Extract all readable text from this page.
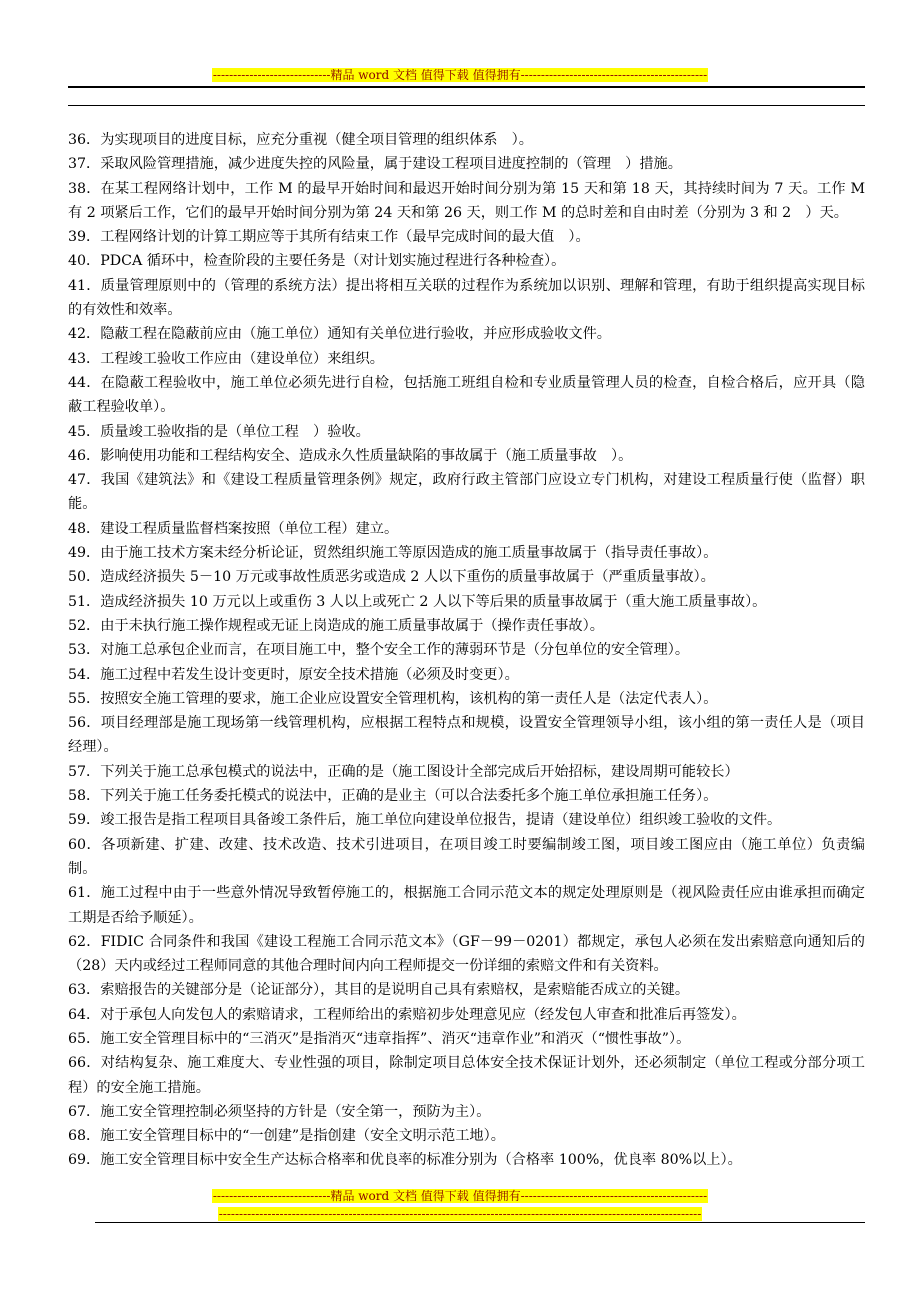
-----------------------------精品 word 文档 值得下载 值得拥有----------------------------------------------

36．为实现项目的进度目标，应充分重视（健全项目管理的组织体系　）。

37．采取风险管理措施，减少进度失控的风险量，属于建设工程项目进度控制的（管理　）措施。

38．在某工程网络计划中，工作 M 的最早开始时间和最迟开始时间分别为第 15 天和第 18 天，其持续时间为 7 天。工作 M 有 2 项紧后工作，它们的最早开始时间分别为第 24 天和第 26 天，则工作 M 的总时差和自由时差（分别为 3 和 2　）天。

39．工程网络计划的计算工期应等于其所有结束工作（最早完成时间的最大值　）。

40．PDCA 循环中，检查阶段的主要任务是（对计划实施过程进行各种检查）。

41．质量管理原则中的（管理的系统方法）提出将相互关联的过程作为系统加以识别、理解和管理，有助于组织提高实现目标的有效性和效率。

42．隐蔽工程在隐蔽前应由（施工单位）通知有关单位进行验收，并应形成验收文件。

43．工程竣工验收工作应由（建设单位）来组织。

44．在隐蔽工程验收中，施工单位必须先进行自检，包括施工班组自检和专业质量管理人员的检查，自检合格后，应开具（隐蔽工程验收单）。

45．质量竣工验收指的是（单位工程　）验收。

46．影响使用功能和工程结构安全、造成永久性质量缺陷的事故属于（施工质量事故　）。

47．我国《建筑法》和《建设工程质量管理条例》规定，政府行政主管部门应设立专门机构，对建设工程质量行使（监督）职能。

48．建设工程质量监督档案按照（单位工程）建立。

49．由于施工技术方案未经分析论证，贸然组织施工等原因造成的施工质量事故属于（指导责任事故）。

50．造成经济损失 5－10 万元或事故性质恶劣或造成 2 人以下重伤的质量事故属于（严重质量事故）。

51．造成经济损失 10 万元以上或重伤 3 人以上或死亡 2 人以下等后果的质量事故属于（重大施工质量事故）。

52．由于未执行施工操作规程或无证上岗造成的施工质量事故属于（操作责任事故）。

53．对施工总承包企业而言，在项目施工中，整个安全工作的薄弱环节是（分包单位的安全管理）。

54．施工过程中若发生设计变更时，原安全技术措施（必须及时变更）。

55．按照安全施工管理的要求，施工企业应设置安全管理机构，该机构的第一责任人是（法定代表人）。

56．项目经理部是施工现场第一线管理机构，应根据工程特点和规模，设置安全管理领导小组，该小组的第一责任人是（项目经理）。

57．下列关于施工总承包模式的说法中，正确的是（施工图设计全部完成后开始招标，建设周期可能较长）

58．下列关于施工任务委托模式的说法中，正确的是业主（可以合法委托多个施工单位承担施工任务）。

59．竣工报告是指工程项目具备竣工条件后，施工单位向建设单位报告，提请（建设单位）组织竣工验收的文件。

60．各项新建、扩建、改建、技术改造、技术引进项目，在项目竣工时要编制竣工图，项目竣工图应由（施工单位）负责编制。

61．施工过程中由于一些意外情况导致暂停施工的，根据施工合同示范文本的规定处理原则是（视风险责任应由谁承担而确定工期是否给予顺延）。

62．FIDIC 合同条件和我国《建设工程施工合同示范文本》（GF－99－0201）都规定，承包人必须在发出索赔意向通知后的（28）天内或经过工程师同意的其他合理时间内向工程师提交一份详细的索赔文件和有关资料。

63．索赔报告的关键部分是（论证部分），其目的是说明自己具有索赔权，是索赔能否成立的关键。

64．对于承包人向发包人的索赔请求，工程师给出的索赔初步处理意见应（经发包人审查和批准后再签发）。

65．施工安全管理目标中的“三消灭”是指消灭“违章指挥”、消灭“违章作业”和消灭（“惯性事故”）。

66．对结构复杂、施工难度大、专业性强的项目，除制定项目总体安全技术保证计划外，还必须制定（单位工程或分部分项工程）的安全施工措施。

67．施工安全管理控制必须坚持的方针是（安全第一，预防为主）。

68．施工安全管理目标中的“一创建”是指创建（安全文明示范工地）。

69．施工安全管理目标中安全生产达标合格率和优良率的标准分别为（合格率 100%，优良率 80%以上）。

-----------------------------精品 word 文档 值得下载 值得拥有----------------------------------------------
-----------------------------------------------------------------------------------------------------------------------
